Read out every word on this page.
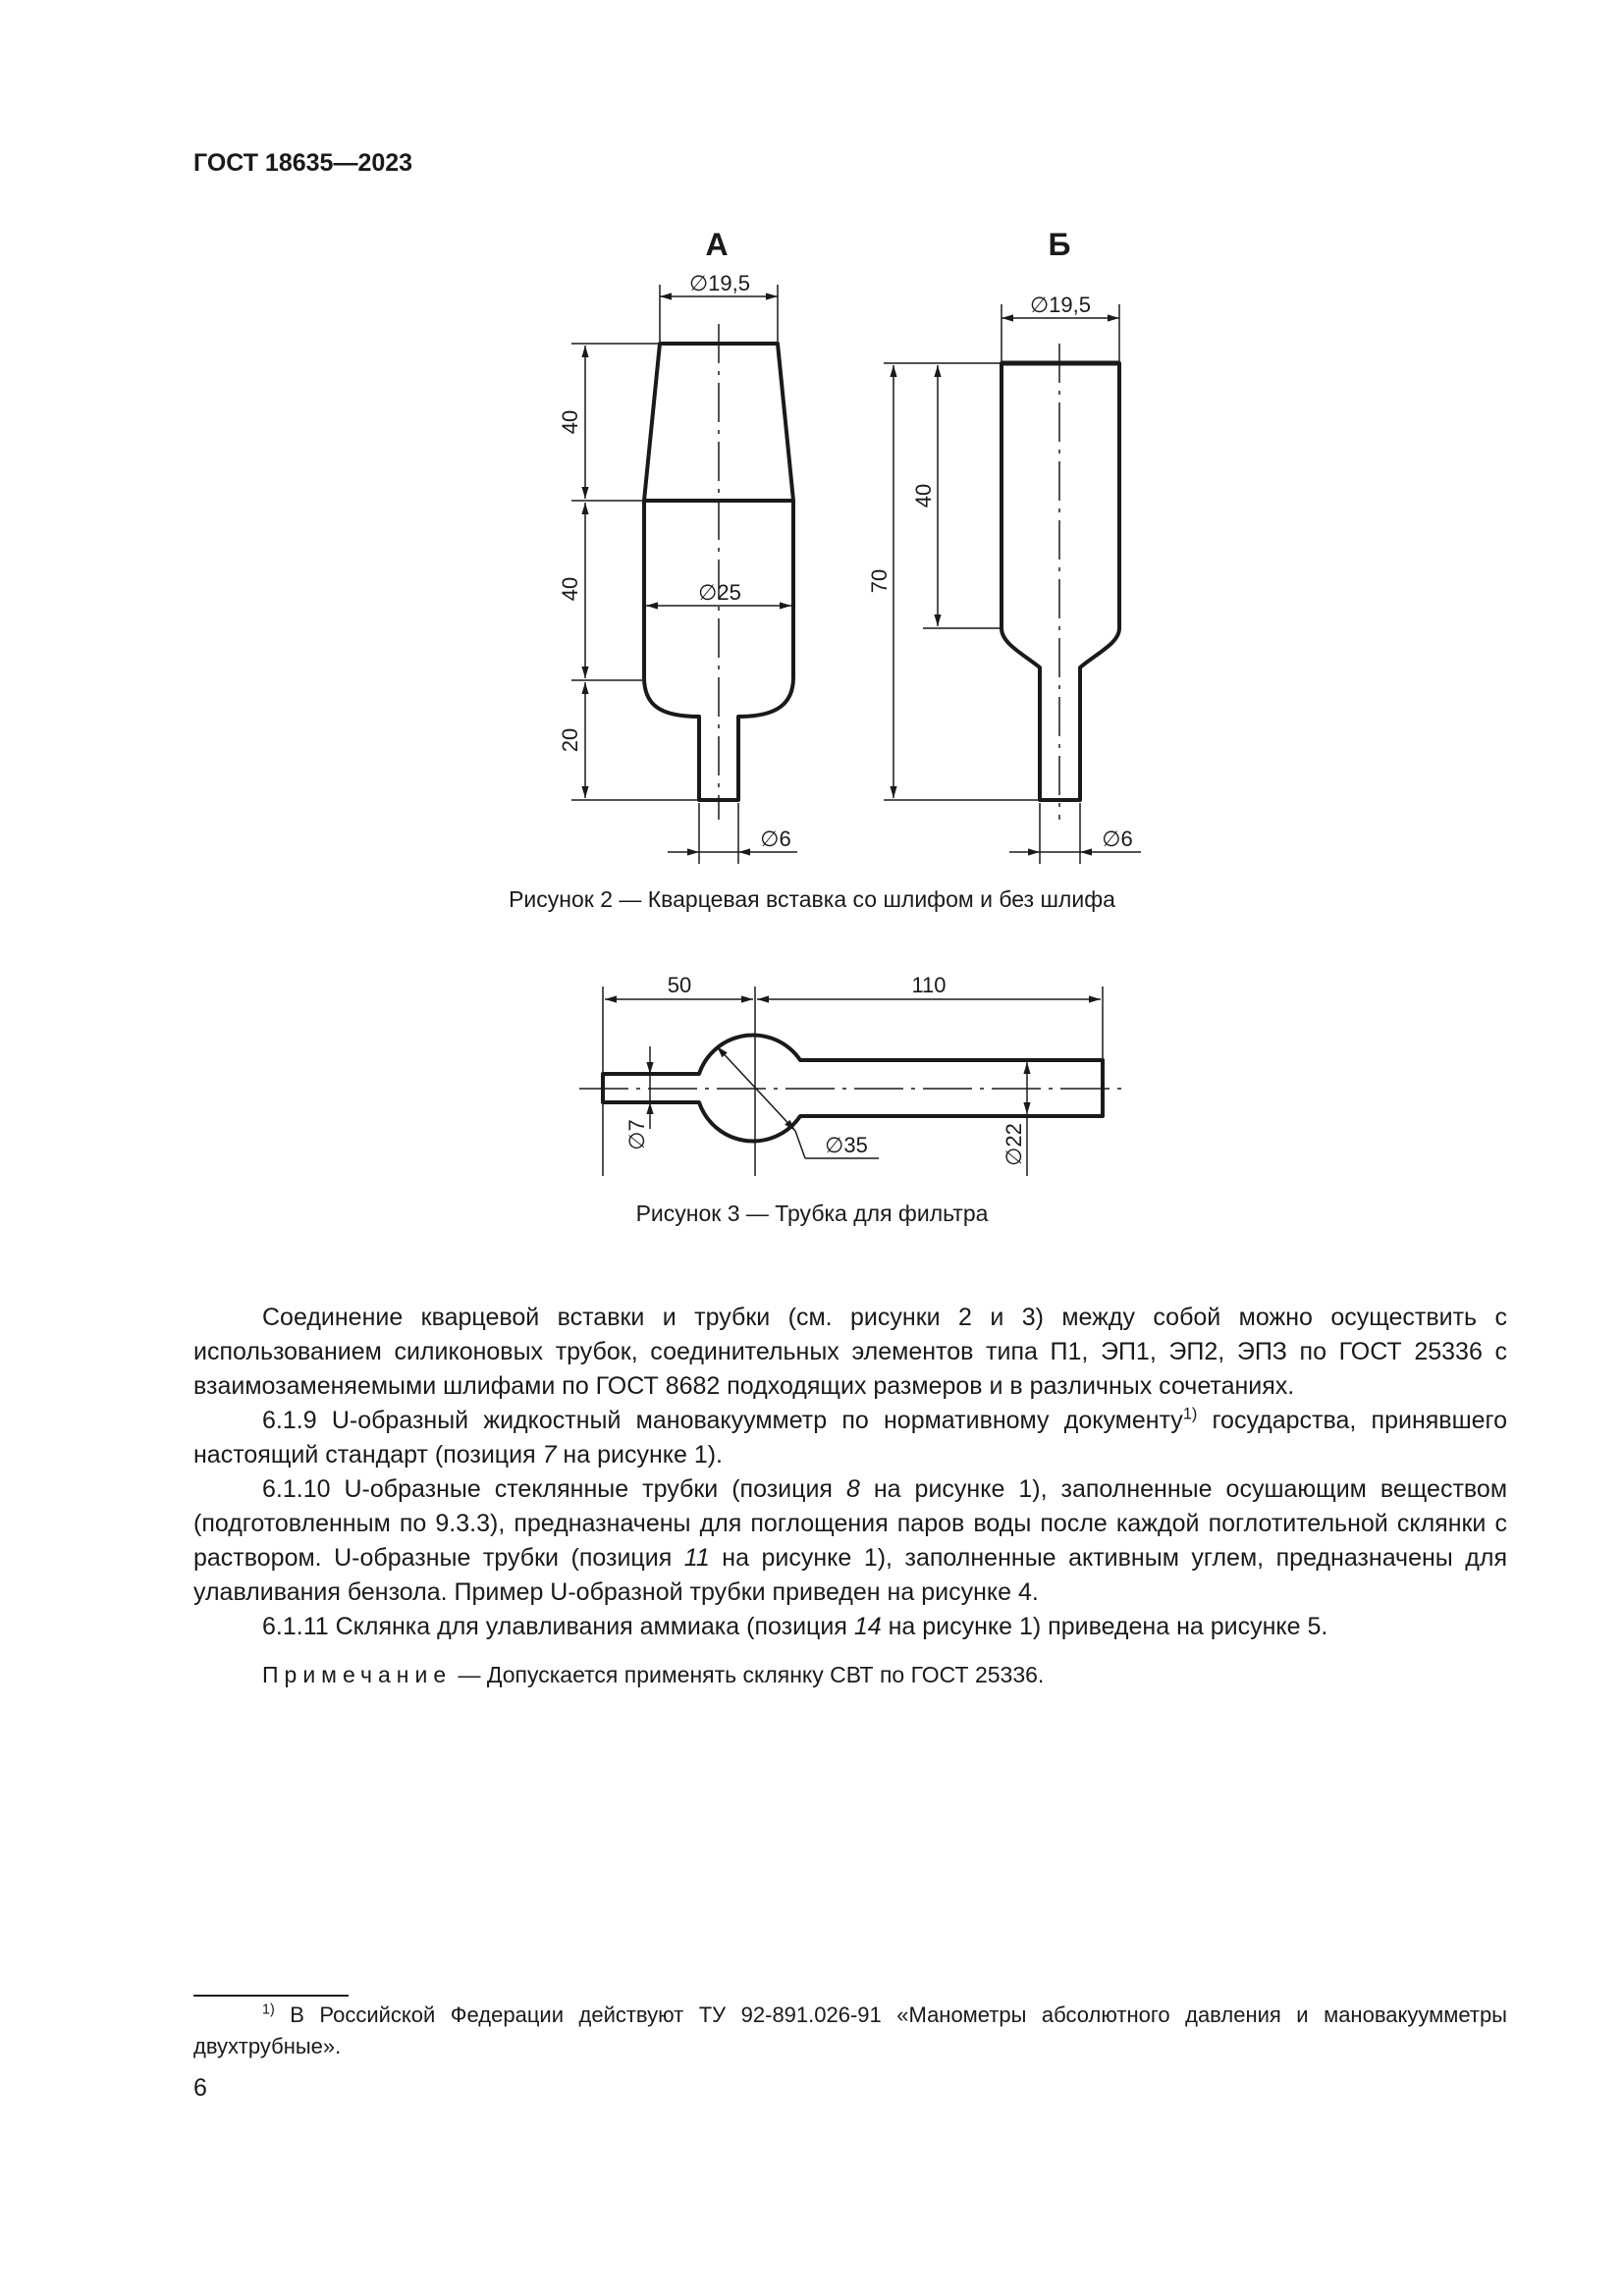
ГОСТ 18635—2023
А
∅19,5
∅25
∅6
40
40
20
Б
∅19,5
∅6
40
70
50	110
∅7	∅35	∅22
Рисунок 2 — Кварцевая вставка со шлифом и без шлифа
Рисунок 3 — Трубка для фильтра

Соединение кварцевой вставки и трубки (см. рисунки 2 и 3) между собой можно осуществить с использованием силиконовых трубок, соединительных элементов типа П1, ЭП1, ЭП2, ЭПЗ по ГОСТ 25336 с взаимозаменяемыми шлифами по ГОСТ 8682 подходящих размеров и в различных сочетаниях.

6.1.9 U-образный жидкостный мановакуумметр по нормативному документу$^{1)}$ государства, принявшего настоящий стандарт (позиция 7 на рисунке 1).

6.1.10 U-образные стеклянные трубки (позиция 8 на рисунке 1), заполненные осушающим веществом (подготовленным по 9.3.3), предназначены для поглощения паров воды после каждой поглотительной склянки с раствором. U-образные трубки (позиция 11 на рисунке 1), заполненные активным углем, предназначены для улавливания бензола. Пример U-образной трубки приведен на рисунке 4.

6.1.11 Склянка для улавливания аммиака (позиция 14 на рисунке 1) приведена на рисунке 5.

Примечание — Допускается применять склянку СВТ по ГОСТ 25336.

$^{1)}$ В Российской Федерации действуют ТУ 92-891.026-91 «Манометры абсолютного давления и мановакуумметры двухтрубные».
6
